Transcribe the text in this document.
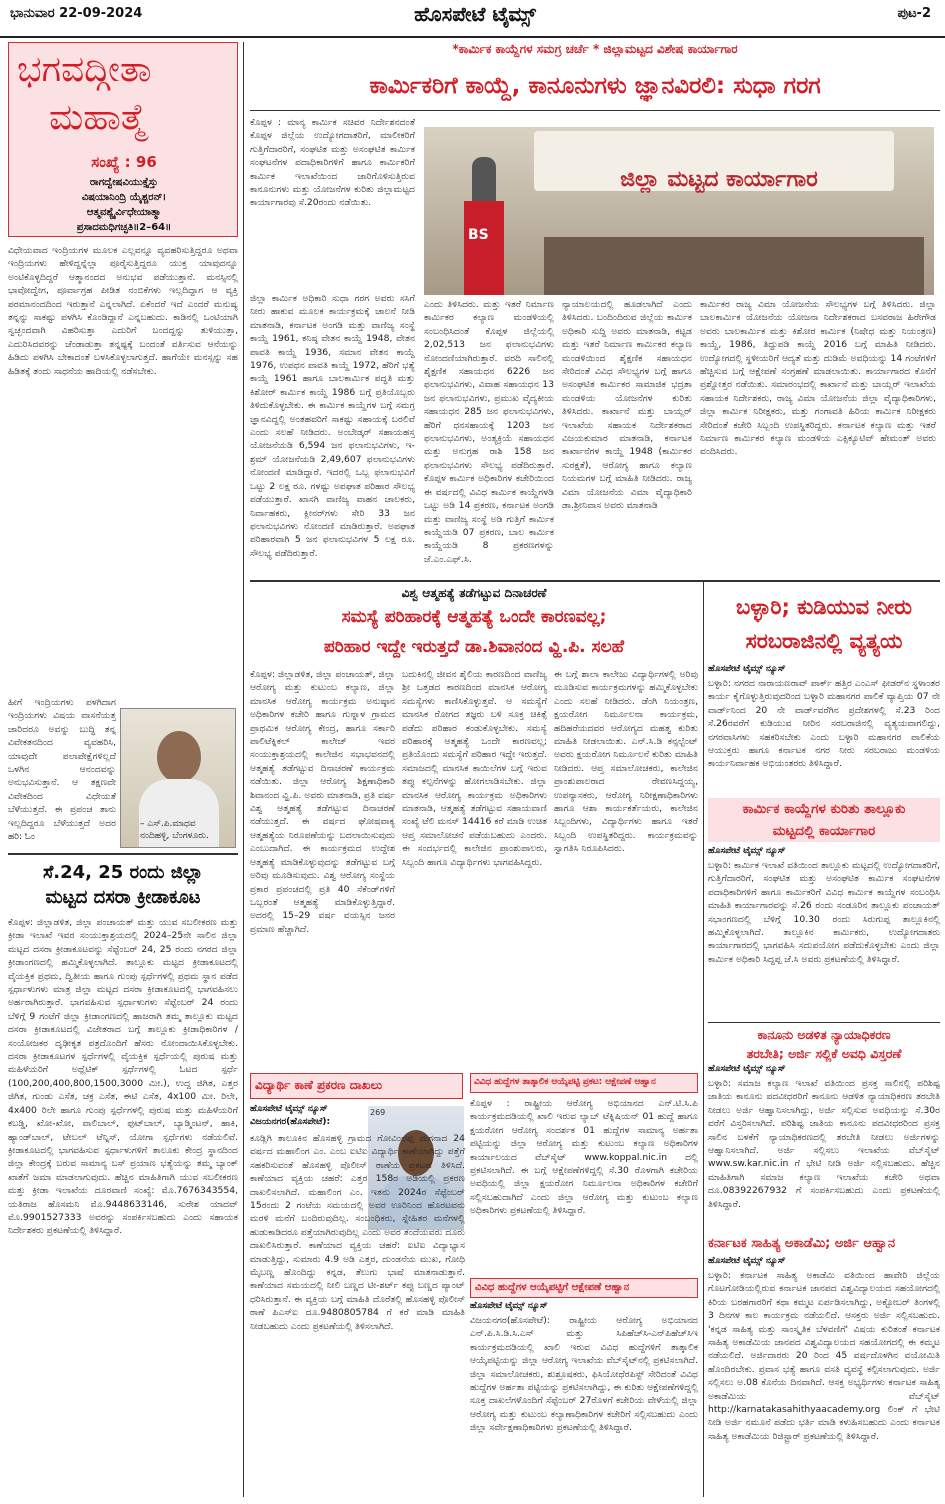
ಭಾನುವಾರ 22-09-2024	ಹೊಸಪೇಟೆ ಟೈಮ್ಸ್	ಪುಟ-2
ಭಗವದ್ಗೀತಾ
ಮಹಾತ್ಮೆ
ಸಂಖ್ಯೆ : 96
ರಾಗದ್ವೇಷವಿಯುಕ್ತೈಸ್ತು
ವಿಷಯಾನಿಂದ್ರಿ ಯೈಶ್ಚರನ್‌।
ಆತ್ಮವಶ್ಯೈರ್ವಿಧೇಯಾತ್ಮಾ
ಪ್ರಸಾದಮಧಿಗಚ್ಛತಿ॥2–64॥
ವಿಧೇಯವಾದ ಇಂದ್ರಿಯಗಳ ಮೂಲಕ ಎಲ್ಲವನ್ನೂ ವ್ಯವಹರಿಸುತ್ತಿದ್ದರೂ ಅಥವಾ ಇಂದ್ರಿಯಗಳು ಹೇಳಿದ್ದನ್ನೆಲ್ಲಾ ಪೂರೈಸುತ್ತಿದ್ದರೂ ಯುಕ್ತ ಯಾವುದನ್ನೂ ಅಂಟಿಕೊಳ್ಳದಿದ್ದರೆ ಆತ್ಮಾನಂದದ ಅನುಭವ ಪಡೆಯುತ್ತಾನೆ. ಮನಸ್ಸಿನಲ್ಲಿ ಭಾವೋದ್ವೇಗ, ಪೂರ್ವಾಗ್ರಹ ಪೀಡಿತ ನಂಬಿಕೆಗಳು ಇಲ್ಲದಿದ್ದಾಗ ಆ ವ್ಯಕ್ತಿ ಪರಮಾನಂದದಿಂದ ಇರುತ್ತಾನೆ ಎನ್ನಲಾಗಿದೆ. ಏಕೆಂದರೆ ಇದೆ ಎಂದರೆ ಮನುಷ್ಯ ತನ್ನನ್ನು ಸಾಕಷ್ಟು ಪಳಗಿಸಿ ಕೊಂಡಿದ್ದಾನೆ ಎನ್ನಬಹುದು. ಕಾಡಿನಲ್ಲಿ ಒಂಟಿಯಾಗಿ ಸ್ವಚ್ಛಂದವಾಗಿ ವಿಹರಿಸುತ್ತಾ ಎದುರಿಗೆ ಬಂದದ್ದನ್ನು ತುಳಿಯುತ್ತಾ, ಎದುರಿಸಿದವರನ್ನು ಚೆಂಡಾಡುತ್ತಾ ತನ್ನಷ್ಟಕ್ಕೆ ಬಂದಂತೆ ವರ್ತಿಸುವ ಆನೆಯನ್ನು ಹಿಡಿದು ಪಳಗಿಸಿ ಬೇಕಾದಂತೆ ಬಳಸಿಕೊಳ್ಳಲಾಗುತ್ತದೆ. ಹಾಗೆಯೇ ಮನಸ್ಸನ್ನು ಸಹ ಹಿಡಿತಕ್ಕೆ ತಂದು ಸಾಧನೆಯ ಹಾದಿಯಲ್ಲಿ ನಡೆಸಬೇಕು.
ಹೀಗೆ ಇಂದ್ರಿಯಗಳು ಪಳಗಿದಾಗ ಇಂದ್ರಿಯಗಳು ವಿಷಯ ವಾಸನೆಯತ್ತ ಜಾರಿದರೂ ಅವನ್ನು ಬುದ್ಧಿ ತನ್ನ ವಿವೇಕತನದಿಂದ ವ್ಯವಹರಿಸಿ, ಯಾವುದೇ ಪಲಾಪೇಕ್ಷೆಗಳಿಲ್ಲದೆ ಒಳಗಿನ ಆನಂದವನ್ನು ಅನುಭವಿಸುತ್ತಾನೆ. ಆ ತಕ್ಷಣವೇ ವಿವೇಕದಿಂದ ವಿಧೇಯತೆ ಬೆಳೆಯುತ್ತದೆ. ಈ ಪ್ರಪಂಚ ತಾನು ಇಲ್ಲದಿದ್ದರೂ ಬೆಳೆಯುತ್ತದೆ ಅದರ
ಹರಿ: ಓಂ
– ಎಸ್.ಪಿ.ಮಾಧವ
ನಂದಿಹಳ್ಳಿ, ಬೆಂಗಳೂರು.
ಸೆ.24, 25 ರಂದು ಜಿಲ್ಲಾ
ಮಟ್ಟದ ದಸರಾ ಕ್ರೀಡಾಕೂಟ
ಕೊಪ್ಪಳ: ಜಿಲ್ಲಾಡಳಿತ, ಜಿಲ್ಲಾ ಪಂಚಾಯತ್ ಮತ್ತು ಯುವ ಸಬಲೀಕರಣ ಮತ್ತು ಕ್ರೀಡಾ ಇಲಾಖೆ ಇವರ ಸಂಯುಕ್ತಾಶ್ರಯದಲ್ಲಿ 2024–25ನೇ ಸಾಲಿನ ಜಿಲ್ಲಾ ಮಟ್ಟದ ದಸರಾ ಕ್ರೀಡಾಕೂಟವನ್ನು ಸೆಪ್ಟೆಂಬರ್ 24, 25 ರಂದು ನಗರದ ಜಿಲ್ಲಾ ಕ್ರೀಡಾಂಗಣದಲ್ಲಿ ಹಮ್ಮಿಕೊಳ್ಳಲಾಗಿದೆ. ತಾಲ್ಲೂಕು ಮಟ್ಟದ ಕ್ರೀಡಾಕೂಟದಲ್ಲಿ ವೈಯಕ್ತಿಕ ಪ್ರಥಮ, ದ್ವಿತೀಯ ಹಾಗೂ ಗುಂಪು ಸ್ಪರ್ಧೆಗಳಲ್ಲಿ ಪ್ರಥಮ ಸ್ಥಾನ ಪಡೆದ ಸ್ಪರ್ಧಾಳುಗಳು ಮಾತ್ರ ಜಿಲ್ಲಾ ಮಟ್ಟದ ದಸರಾ ಕ್ರೀಡಾಕೂಟದಲ್ಲಿ ಭಾಗವಹಿಸಲು ಅರ್ಹರಾಗಿರುತ್ತಾರೆ. ಭಾಗವಹಿಸುವ ಸ್ಪರ್ಧಾಳುಗಳು ಸೆಪ್ಟೆಂಬರ್ 24 ರಂದು ಬೆಳಿಗ್ಗೆ 9 ಗಂಟೆಗೆ ಜಿಲ್ಲಾ ಕ್ರೀಡಾಂಗಣದಲ್ಲಿ ಹಾಜರಾಗಿ ತಮ್ಮ ತಾಲ್ಲೂಕು ಮಟ್ಟದ ದಸರಾ ಕ್ರೀಡಾಕೂಟದಲ್ಲಿ ವಿಜೇತರಾದ ಬಗ್ಗೆ ತಾಲ್ಲೂಕು ಕ್ರೀಡಾಧಿಕಾರಿಗಳ / ಸಂಯೋಜಕರ ದೃಢೀಕೃತ ಪತ್ರದೊಂದಿಗೆ ಹೆಸರು ನೋಂದಾಯಿಸಿಕೊಳ್ಳಬೇಕು. ದಸರಾ ಕ್ರೀಡಾಕೂಟಗಳ ಸ್ಪರ್ಧೆಗಳಲ್ಲಿ ವೈಯಕ್ತಿಕ ಸ್ಪರ್ಧೆಯಲ್ಲಿ ಪುರುಷ ಮತ್ತು ಮಹಿಳೆಯರಿಗೆ ಅಥ್ಲೆಟಿಕ್ ಸ್ಪರ್ಧೆಗಳಲ್ಲಿ ಓಟದ ಸ್ಪರ್ಧೆ (100,200,400,800,1500,3000 ಮೀ.), ಉದ್ದ ಜಿಗಿತ, ಎತ್ತರ ಜಿಗಿತ, ಗುಂಡು ಎಸೆತ, ಚಕ್ರ ಎಸೆತ, ಈಟಿ ಎಸೆತ, 4x100 ಮೀ. ರಿಲೇ, 4x400 ರಿಲೇ ಹಾಗೂ ಗುಂಪು ಸ್ಪರ್ಧೆಗಳಲ್ಲಿ ಪುರುಷ ಮತ್ತು ಮಹಿಳೆಯರಿಗೆ ಕಬಡ್ಡಿ, ಖೋ-ಖೋ, ವಾಲಿಬಾಲ್, ಫುಟ್‌ಬಾಲ್, ಬ್ಯಾಡ್ಮಿಂಟನ್, ಹಾಕಿ, ಹ್ಯಾಂಡ್‌ಬಾಲ್, ಟೇಬಲ್ ಟೆನ್ನಿಸ್, ಯೋಗಾ ಸ್ಪರ್ಧೆಗಳು ನಡೆಯಲಿವೆ. ಕ್ರೀಡಾಕೂಟದಲ್ಲಿ ಭಾಗವಹಿಸುವ ಸ್ಪರ್ಧಾಳುಗಳಿಗೆ ತಾಲೂಕು ಕೇಂದ್ರ ಸ್ಥಾನದಿಂದ ಜಿಲ್ಲಾ ಕೇಂದ್ರಕ್ಕೆ ಬರುವ ಸಾಮಾನ್ಯ ಬಸ್ ಪ್ರಯಾಣ ಭತ್ಯೆಯನ್ನು ತಮ್ಮ ಬ್ಯಾಂಕ್ ಖಾತೆಗೆ ಜಮಾ ಮಾಡಲಾಗುವುದು. ಹೆಚ್ಚಿನ ಮಾಹಿತಿಗಾಗಿ ಯುವ ಸಬಲೀಕರಣ ಮತ್ತು ಕ್ರೀಡಾ ಇಲಾಖೆಯ ದೂರವಾಣಿ ಸಂಖ್ಯೆ: ಮೊ.7676343554, ಯತಿರಾಜ ಹೊಸಮನಿ ಮೊ.9448633146, ಸುರೇಶ ಯಾದವ್ ಮೊ.9901527333 ಅವರನ್ನು ಸಂಪರ್ಕಿಸಬಹುದು ಎಂದು ಸಹಾಯಕ ನಿರ್ದೇಶಕರು ಪ್ರಕಟಣೆಯಲ್ಲಿ ತಿಳಿಸಿದ್ದಾರೆ.
*ಕಾರ್ಮಿಕ ಕಾಯ್ದೆಗಳ ಸಮಗ್ರ ಚರ್ಚೆ * ಜಿಲ್ಲಾಮಟ್ಟದ ವಿಶೇಷ ಕಾರ್ಯಾಗಾರ
ಕಾರ್ಮಿಕರಿಗೆ ಕಾಯ್ದೆ, ಕಾನೂನುಗಳು ಜ್ಞಾನವಿರಲಿ: ಸುಧಾ ಗರಗ
ಕೊಪ್ಪಳ : ಮಾನ್ಯ ಕಾರ್ಮಿಕ ಸಚಿವರ ನಿರ್ದೇಶನದಂತೆ ಕೊಪ್ಪಳ ಜಿಲ್ಲೆಯ ಉದ್ಯೋಗದಾತರಿಗೆ, ಮಾಲೀಕರಿಗೆ ಗುತ್ತಿಗೆದಾರರಿಗೆ, ಸಂಘಟಿತ ಮತ್ತು ಅಸಂಘಟಿತ ಕಾರ್ಮಿಕ ಸಂಘಟನೆಗಳ ಪದಾಧಿಕಾರಿಗಳಿಗೆ ಹಾಗೂ ಕಾರ್ಮಿಕರಿಗೆ ಕಾರ್ಮಿಕ ಇಲಾಖೆಯಿಂದ ಜಾರಿಗೊಳಿಸುತ್ತಿರುವ ಕಾನೂನುಗಳು ಮತ್ತು ಯೋಜನೆಗಳ ಕುರಿತು ಜಿಲ್ಲಾಮಟ್ಟದ ಕಾರ್ಯಾಗಾರವು ಸೆ.20ರಂದು ನಡೆಯಿತು.
ಜಿಲ್ಲಾ ಮಟ್ಟದ ಕಾರ್ಯಾಗಾರ
BS
ಜಿಲ್ಲಾ ಕಾರ್ಮಿಕ ಅಧಿಕಾರಿ ಸುಧಾ ಗರಗ ಅವರು ಸಸಿಗೆ ನೀರು ಹಾಕುವ ಮೂಲಕ ಕಾರ್ಯಕ್ರಮಕ್ಕೆ ಚಾಲನೆ ನೀಡಿ ಮಾತನಾಡಿ, ಕರ್ನಾಟಕ ಅಂಗಡಿ ಮತ್ತು ವಾಣಿಜ್ಯ ಸಂಸ್ಥೆ ಕಾಯ್ದೆ 1961, ಕನಿಷ್ಠ ವೇತನ ಕಾಯ್ದೆ 1948, ವೇತನ ಪಾವತಿ ಕಾಯ್ದೆ 1936, ಸಮಾನ ವೇತನ ಕಾಯ್ದೆ 1976, ಉಪಧನ ಪಾವತಿ ಕಾಯ್ದೆ 1972, ಹೆರಿಗೆ ಭತ್ಯೆ ಕಾಯ್ದೆ 1961 ಹಾಗೂ ಬಾಲಕಾರ್ಮಿಕ ಪದ್ಧತಿ ಮತ್ತು ಕಿಶೋರ್ ಕಾರ್ಮಿಕ ಕಾಯ್ದೆ 1986 ಬಗ್ಗೆ ಪ್ರತಿಯೊಬ್ಬರು ತಿಳಿದುಕೊಳ್ಳಬೇಕು. ಈ ಕಾರ್ಮಿಕ ಕಾಯ್ದೆಗಳ ಬಗ್ಗೆ ಸಮಗ್ರ ಜ್ಞಾನವಿದ್ದಲ್ಲಿ ಅಂತಹವರಿಗೆ ಸಾಕಷ್ಟು ಸಹಾಯಕ್ಕೆ ಬರಲಿವೆ ಎಂದು ಸಲಹೆ ನೀಡಿದರು. ಅಂಬೇಡ್ಕರ್ ಸಹಾಯಹಸ್ತ ಯೋಜನೆಯಡಿ 6,594 ಜನ ಫಲಾನುಭವಿಗಳು, ಇ-ಶ್ರಮ್ ಯೋಜನೆಯಡಿ 2,49,607 ಫಲಾನುಭವಿಗಳು ನೋಂದಣಿ ಮಾಡಿದ್ದಾರೆ. ಇದರಲ್ಲಿ ಒಬ್ಬ ಫಲಾನುಭವಿಗೆ ಒಟ್ಟು 2 ಲಕ್ಷ ರೂ. ಗಳಷ್ಟು ಅಪಘಾತ ಪರಿಹಾರ ಸೌಲಭ್ಯ ಪಡೆಯುತ್ತಾರೆ. ಖಾಸಗಿ ವಾಣಿಜ್ಯ ವಾಹನ ಚಾಲಕರು, ನಿರ್ವಾಹಕರು, ಕ್ಲೀನರ್‌ಗಳು ಸೇರಿ 33 ಜನ ಫಲಾನುಭವಿಗಳು ನೋಂದಣಿ ಮಾಡಿರುತ್ತಾರೆ. ಅಪಘಾತ ಪರಿಹಾರವಾಗಿ 5 ಜನ ಫಲಾನುಭವಿಗಳ 5 ಲಕ್ಷ ರೂ. ಸೌಲಭ್ಯ ಪಡೆದಿರುತ್ತಾರೆ.
ಎಂದು ತಿಳಿಸಿದರು. ಮತ್ತು ಇತರೆ ನಿರ್ಮಾಣ ಕಾರ್ಮಿಕರ ಕಲ್ಯಾಣ ಮಂಡಳಿಯಲ್ಲಿ ಸಂಬಂಧಿಸಿದಂತೆ ಕೊಪ್ಪಳ ಜಿಲ್ಲೆಯಲ್ಲಿ 2,02,513 ಜನ ಫಲಾನುಭವಿಗಳು ನೋಂದಣಿಯಾಗಿರುತ್ತಾರೆ. ವರದಿ ಸಾಲಿನಲ್ಲಿ ಶೈಕ್ಷಣಿಕ ಸಹಾಯಧನ 6226 ಜನ ಫಲಾನುಭವಿಗಳು, ವಿವಾಹ ಸಹಾಯಧನ 13 ಜನ ಫಲಾನುಭವಿಗಳು, ಪ್ರಮುಖ ವೈದ್ಯಕೀಯ ಸಹಾಯಧನ 285 ಜನ ಫಲಾನುಭವಿಗಳು, ಹೆರಿಗೆ ಧನಸಹಾಯಕ್ಕೆ 1203 ಜನ ಫಲಾನುಭವಿಗಳು, ಅಂತ್ಯಕ್ರಿಯೆ ಸಹಾಯಧನ ಮತ್ತು ಅನುಗ್ರಹ ರಾಶಿ 158 ಜನ ಫಲಾನುಭವಿಗಳು ಸೌಲಭ್ಯ ಪಡೆದಿರುತ್ತಾರೆ. ಕೊಪ್ಪಳ ಕಾರ್ಮಿಕ ಅಧಿಕಾರಿಗಳ ಕಚೇರಿಯಿಂದ ಈ ವರ್ಷದಲ್ಲಿ ವಿವಿಧ ಕಾರ್ಮಿಕ ಕಾಯ್ದೆಗಳಡಿ ಒಟ್ಟು ಅಡಿ 14 ಪ್ರಕರಣ, ಕರ್ನಾಟಕ ಅಂಗಡಿ ಮತ್ತು ವಾಣಿಜ್ಯ ಸಂಸ್ಥೆ ಅಡಿ ಗುತ್ತಿಗೆ ಕಾರ್ಮಿಕ ಕಾಯ್ದೆಯಡಿ 07 ಪ್ರಕರಣ, ಬಾಲ ಕಾರ್ಮಿಕ ಕಾಯ್ದೆಯಡಿ 8 ಪ್ರಕರಣಗಳನ್ನು ಜೆ.ಎಂ.ಎಫ್.ಸಿ.
ನ್ಯಾಯಾಲಯದಲ್ಲಿ ಹೂಡಲಾಗಿದೆ ಎಂದು ತಿಳಿಸಿದರು. ಬಂದಿಂದಿರುವ ಜಿಲ್ಲೆಯ ಕಾರ್ಮಿಕ ಅಧಿಕಾರಿ ಸುದ್ದಿ ಅವರು ಮಾತನಾಡಿ, ಕಟ್ಟಡ ಮತ್ತು ಇತರೆ ನಿರ್ಮಾಣ ಕಾರ್ಮಿಕರ ಕಲ್ಯಾಣ ಮಂಡಳಿಯಿಂದ ಶೈಕ್ಷಣಿಕ ಸಹಾಯಧನ ಸೇರಿದಂತೆ ವಿವಿಧ ಸೌಲಭ್ಯಗಳ ಬಗ್ಗೆ ಹಾಗೂ ಅಸಂಘಟಿತ ಕಾರ್ಮಿಕರ ಸಾಮಾಜಿಕ ಭದ್ರತಾ ಮಂಡಳಿಯ ಯೋಜನೆಗಳ ಕುರಿತು ತಿಳಿಸಿದರು. ಕಾರ್ಖಾನೆ ಮತ್ತು ಬಾಯ್ಲರ್ ಇಲಾಖೆಯ ಸಹಾಯಕ ನಿರ್ದೇಶಕರಾದ ವಿಜಯಕುಮಾರ ಮಾತನಾಡಿ, ಕರ್ನಾಟಕ ಕಾರ್ಖಾನೆಗಳ ಕಾಯ್ದೆ 1948 (ಕಾರ್ಮಿಕರ ಸುರಕ್ಷತೆ), ಆರೋಗ್ಯ ಹಾಗೂ ಕಲ್ಯಾಣ ನಿಯಮಗಳ ಬಗ್ಗೆ ಮಾಹಿತಿ ನೀಡಿದರು. ರಾಜ್ಯ ವಿಮಾ ಯೋಜನೆಯ ವಿಮಾ ವೈದ್ಯಾಧಿಕಾರಿ ಡಾ.ಶ್ರೀನಿವಾಸ ಅವರು ಮಾತನಾಡಿ
ಕಾರ್ಮಿಕರ ರಾಜ್ಯ ವಿಮಾ ಯೋಜನೆಯ ಸೌಲಭ್ಯಗಳ ಬಗ್ಗೆ ತಿಳಿಸಿದರು. ಜಿಲ್ಲಾ ಬಾಲಕಾರ್ಮಿಕ ಯೋಜನೆಯ ಯೋಜನಾ ನಿರ್ದೇಶಕರಾದ ಬಸವರಾಜ ಹಿರೇಗೌಡ ಅವರು ಬಾಲಕಾರ್ಮಿಕ ಮತ್ತು ಕಿಶೋರ ಕಾರ್ಮಿಕ (ನಿಷೇಧ ಮತ್ತು ನಿಯಂತ್ರಣ) ಕಾಯ್ದೆ, 1986, ತಿದ್ದುಪಡಿ ಕಾಯ್ದೆ 2016 ಬಗ್ಗೆ ಮಾಹಿತಿ ನೀಡಿದರು. ಉದ್ಯೋಗದಲ್ಲಿ ಸ್ಥಳೀಯರಿಗೆ ಆದ್ಯತೆ ಮತ್ತು ದುಡಿಮೆ ಅವಧಿಯನ್ನು 14 ಗಂಟೆಗಳಿಗೆ ಹೆಚ್ಚಿಸುವ ಬಗ್ಗೆ ಆಕ್ಷೇಪಣೆ ಸಂಗ್ರಹಣೆ ಮಾಡಲಾಯಿತು. ಕಾರ್ಯಾಗಾರದ ಕೊನೆಗೆ ಪ್ರಶ್ನೋತ್ತರ ನಡೆಯಿತು. ಸಮಾರಂಭದಲ್ಲಿ ಕಾರ್ಖಾನೆ ಮತ್ತು ಬಾಯ್ಲರ್ ಇಲಾಖೆಯ ಸಹಾಯಕ ನಿರ್ದೇಶಕರು, ರಾಜ್ಯ ವಿಮಾ ಯೋಜನೆಯ ಜಿಲ್ಲಾ ವೈದ್ಯಾಧಿಕಾರಿಗಳು, ಜಿಲ್ಲಾ ಕಾರ್ಮಿಕ ನಿರೀಕ್ಷಕರು, ಮತ್ತು ಗಂಗಾವತಿ ಹಿರಿಯ ಕಾರ್ಮಿಕ ನಿರೀಕ್ಷಕರು ಸೇರಿದಂತೆ ಕಚೇರಿ ಸಿಬ್ಬಂದಿ ಉಪಸ್ಥಿತರಿದ್ದರು. ಕರ್ನಾಟಕ ಕಲ್ಯಾಣ ಮತ್ತು ಇತರೆ ನಿರ್ಮಾಣ ಕಾರ್ಮಿಕರ ಕಲ್ಯಾಣ ಮಂಡಳಿಯ ಎಕ್ಸಿಕ್ಯೂಟಿವ್ ಹೇಮಂತ್ ಅವರು ವಂದಿಸಿದರು.
ವಿಶ್ವ ಆತ್ಮಹತ್ಯೆ ತಡೆಗಟ್ಟುವ ದಿನಾಚರಣೆ
ಸಮಸ್ಯೆ ಪರಿಹಾರಕ್ಕೆ ಆತ್ಮಹತ್ಯೆ ಒಂದೇ ಕಾರಣವಲ್ಲ;
ಪರಿಹಾರ ಇದ್ದೇ ಇರುತ್ತದೆ ಡಾ.ಶಿವಾನಂದ ವ್ಹಿ.ಪಿ. ಸಲಹೆ
ಕೊಪ್ಪಳ: ಜಿಲ್ಲಾಡಳಿತ, ಜಿಲ್ಲಾ ಪಂಚಾಯತ್, ಜಿಲ್ಲಾ ಆರೋಗ್ಯ ಮತ್ತು ಕುಟುಂಬ ಕಲ್ಯಾಣ, ಜಿಲ್ಲಾ ಮಾನಸಿಕ ಆರೋಗ್ಯ ಕಾರ್ಯಕ್ರಮ ಅನುಷ್ಠಾನ ಅಧಿಕಾರಿಗಳ ಕಚೇರಿ ಹಾಗೂ ಗುನ್ನಾಳ ಗ್ರಾಮದ ಪ್ರಾಥಮಿಕ ಆರೋಗ್ಯ ಕೇಂದ್ರ, ಹಾಗೂ ಸರ್ಕಾರಿ ಪಾಲಿಟೆಕ್ನಿಕಲ್ ಕಾಲೇಜ್ ಇವರ ಸಂಯುಕ್ತಾಶ್ರಯದಲ್ಲಿ ಕಾಲೇಜಿನ ಸಭಾಭವನದಲ್ಲಿ ಆತ್ಮಹತ್ಯೆ ತಡೆಗಟ್ಟುವ ದಿನಾಚರಣೆ ಕಾರ್ಯಕ್ರಮ ನಡೆಯಿತು. ಜಿಲ್ಲಾ ಆರೋಗ್ಯ ಶಿಕ್ಷಣಾಧಿಕಾರಿ ಶಿವಾನಂದ ವ್ಹಿ.ಪಿ. ಅವರು ಮಾತನಾಡಿ, ಪ್ರತಿ ವರ್ಷ ವಿಶ್ವ ಆತ್ಮಹತ್ಯೆ ತಡೆಗಟ್ಟುವ ದಿನಾಚರಣೆ ನಡೆಯುತ್ತದೆ. ಈ ವರ್ಷದ ಘೋಷವಾಕ್ಯ ಆತ್ಮಹತ್ಯೆಯ ನಿರೂಪಣೆಯನ್ನು ಬದಲಾಯಿಸುವುದು ಎಂಬುದಾಗಿದೆ. ಈ ಕಾರ್ಯಕ್ರಮದ ಉದ್ದೇಶ ಆತ್ಮಹತ್ಯೆ ಮಾಡಿಕೊಳ್ಳುವುದನ್ನು ತಡೆಗಟ್ಟುವ ಬಗ್ಗೆ ಅರಿವು ಮೂಡಿಸುವುದು. ವಿಶ್ವ ಆರೋಗ್ಯ ಸಂಸ್ಥೆಯ ಪ್ರಕಾರ ಪ್ರಪಂಚದಲ್ಲಿ ಪ್ರತಿ 40 ಸೆಕೆಂಡ್‌ಗಳಿಗೆ ಒಬ್ಬರಂತೆ ಆತ್ಮಹತ್ಯೆ ಮಾಡಿಕೊಳ್ಳುತ್ತಿದ್ದಾರೆ. ಅದರಲ್ಲಿ 15–29 ವರ್ಷ ವಯಸ್ಸಿನ ಜನರ ಪ್ರಮಾಣ ಹೆಚ್ಚಾಗಿದೆ.
ಬದುಕಿನಲ್ಲಿ ಜೀವನ ಶೈಲಿಯ ಕಾರಣದಿಂದ ವಾಣಿಜ್ಯ ಶ್ರೀ ಒತ್ತಡದ ಕಾರಣದಿಂದ ಮಾನಸಿಕ ಆರೋಗ್ಯ ಸಮಸ್ಯೆಗಳು ಕಾಣಿಸಿಕೊಳ್ಳುತ್ತವೆ. ಆ ಸಮಸ್ಯೆಗೆ ಮಾನಸಿಕ ರೋಗದ ತಜ್ಞರು ಬಳಿ ಸೂಕ್ತ ಚಿಕಿತ್ಸೆ ಪಡೆದು ಪರಿಹಾರ ಕಂಡುಕೊಳ್ಳಬೇಕು. ಸಮಸ್ಯೆ ಪರಿಹಾರಕ್ಕೆ ಆತ್ಮಹತ್ಯೆ ಒಂದೇ ಕಾರಣವಲ್ಲ; ಪ್ರತಿಯೊಂದು ಸಮಸ್ಯೆಗೆ ಪರಿಹಾರ ಇದ್ದೇ ಇರುತ್ತದೆ. ಸಮಾಜದಲ್ಲಿ ಮಾನಸಿಕ ಕಾಯಿಲೆಗಳ ಬಗ್ಗೆ ಇರುವ ತಪ್ಪು ಕಲ್ಪನೆಗಳನ್ನು ಹೋಗಲಾಡಿಸಬೇಕು. ಜಿಲ್ಲಾ ಮಾನಸಿಕ ಆರೋಗ್ಯ ಕಾರ್ಯಕ್ರಮ ಅಧಿಕಾರಿಗಳು ಮಾತನಾಡಿ, ಆತ್ಮಹತ್ಯೆ ತಡೆಗಟ್ಟುವ ಸಹಾಯವಾಣಿ ಸಂಖ್ಯೆ ಟೆಲಿ ಮನಸ್ 14416 ಕರೆ ಮಾಡಿ ಉಚಿತ ಆಪ್ತ ಸಮಾಲೋಚನೆ ಪಡೆಯಬಹುದು ಎಂದರು. ಈ ಸಂದರ್ಭದಲ್ಲಿ ಕಾಲೇಜಿನ ಪ್ರಾಂಶುಪಾಲರು, ಸಿಬ್ಬಂದಿ ಹಾಗೂ ವಿದ್ಯಾರ್ಥಿಗಳು ಭಾಗವಹಿಸಿದ್ದರು.
ಈ ಬಗ್ಗೆ ಶಾಲಾ ಕಾಲೇಜು ವಿದ್ಯಾರ್ಥಿಗಳಲ್ಲಿ ಅರಿವು ಮೂಡಿಸುವ ಕಾರ್ಯಕ್ರಮಗಳನ್ನು ಹಮ್ಮಿಕೊಳ್ಳಬೇಕು ಎಂದು ಸಲಹೆ ನೀಡಿದರು. ಡೆಂಗಿ ನಿಯಂತ್ರಣ, ಕ್ಷಯರೋಗ ನಿರ್ಮೂಲನಾ ಕಾರ್ಯಕ್ರಮ, ಹದಿಹರೆಯದವರ ಆರೋಗ್ಯದ ಮಹತ್ವ ಕುರಿತು ಮಾಹಿತಿ ನೀಡಲಾಯಿತು. ಎನ್.ಸಿ.ಡಿ ಕನ್ಸಲ್ಟೆಂಟ್ ಅವರು ಕ್ಷಯರೋಗ ನಿರ್ಮೂಲನೆ ಕುರಿತು ಮಾಹಿತಿ ನೀಡಿದರು. ಆಪ್ತ ಸಮಾಲೋಚಕರು, ಕಾಲೇಜಿನ ಪ್ರಾಂಶುಪಾಲರಾದ ರೇವಣಸಿದ್ದಯ್ಯ, ಉಪನ್ಯಾಸಕರು, ಆರೋಗ್ಯ ನಿರೀಕ್ಷಣಾಧಿಕಾರಿಗಳು ಹಾಗೂ ಆಶಾ ಕಾರ್ಯಕರ್ತೆಯರು, ಕಾಲೇಜಿನ ಸಿಬ್ಬಂದಿಗಳು, ವಿದ್ಯಾರ್ಥಿಗಳು ಹಾಗೂ ಇತರೆ ಸಿಬ್ಬಂದಿ ಉಪಸ್ಥಿತರಿದ್ದರು. ಕಾರ್ಯಕ್ರಮವನ್ನು ಸ್ವಾಗತಿಸಿ ನಿರೂಪಿಸಿದರು.
ವಿದ್ಯಾರ್ಥಿ ಕಾಣೆ ಪ್ರಕರಣ ದಾಖಲು
ಹೊಸಪೇಟೆ ಟೈಮ್ಸ್ ನ್ಯೂಸ್
ವಿಜಯನಗರ(ಹೊಸಪೇಟೆ):
269
ಕೂಡ್ಲಿಗಿ ತಾಲೂಕಿನ ಹೊಸಹಳ್ಳಿ ಗ್ರಾಮದ ಗೋವಿಂದಪ್ಪ ಮಗನಾದ 24 ವರ್ಷದ ಮಹಾಲಿಂಗ ಎಂ. ಎಂಬ ಐಟಿಐ ವಿದ್ಯಾರ್ಥಿ ಕಾಣೆಯಾಗಿದ್ದು ಪತ್ತೆಗೆ ಸಹಕರಿಸುವಂತೆ ಹೊಸಹಳ್ಳಿ ಪೊಲೀಸ್ ಠಾಣೆಯ ಪ್ರಕಟಣೆ ತಿಳಿಸಿದೆ. ಕಾಣೆಯಾದ ವ್ಯಕ್ತಿಯ ಚಹರೆ: ಎತ್ತರ 158ರ ಅಡಿಯಲ್ಲಿ ಪ್ರಕರಣ ದಾಖಲಿಸಲಾಗಿದೆ. ಮಹಾಲಿಂಗ ಎಂ. ಇತನು 2024ರ ಸೆಪ್ಟೆಂಬರ್ 15ರಂದು 2 ಗಂಟೆಯ ಸಮಯದಲ್ಲಿ ಅವರ ಊರಿನಿಂದ ಹೊರಟವನು ಮರಳಿ ಮನೆಗೆ ಬಂದಿರುವುದಿಲ್ಲ. ಸಂಬಂಧಿಕರು, ಸ್ನೇಹಿತರ ಮನೆಗಳಲ್ಲಿ ಹುಡುಕಾಡಿದರೂ ಪತ್ತೆಯಾಗಿರುವುದಿಲ್ಲ ಎಂದು ಅವರ ತಂದೆಯವರು ದೂರು ದಾಖಲಿಸಿರುತ್ತಾರೆ. ಕಾಣೆಯಾದ ವ್ಯಕ್ತಿಯ ಚಹರೆ: ಐಟಿಐ ವಿದ್ಯಾಭ್ಯಾಸ ಮಾಡುತ್ತಿದ್ದು, ಸುಮಾರು 4.9 ಅಡಿ ಎತ್ತರ, ದುಂಡನೆಯ ಮುಖ, ಗೋಧಿ ಮೈಬಣ್ಣ ಹೊಂದಿದ್ದು ಕನ್ನಡ, ತೆಲುಗು ಭಾಷೆ ಮಾತನಾಡುತ್ತಾನೆ. ಕಾಣೆಯಾದ ಸಮಯದಲ್ಲಿ ನೀಲಿ ಬಣ್ಣದ ಟೀ-ಶರ್ಟ್ ಕಪ್ಪು ಬಣ್ಣದ ಪ್ಯಾಂಟ್ ಧರಿಸಿರುತ್ತಾನೆ. ಈ ವ್ಯಕ್ತಿಯ ಬಗ್ಗೆ ಮಾಹಿತಿ ದೊರೆತಲ್ಲಿ ಹೊಸಹಳ್ಳಿ ಪೊಲೀಸ್ ಠಾಣೆ ಪಿಎಸ್‌ಐ ದೂ.9480805784 ಗೆ ಕರೆ ಮಾಡಿ ಮಾಹಿತಿ ನೀಡಬಹುದು ಎಂದು ಪ್ರಕಟಣೆಯಲ್ಲಿ ತಿಳಿಸಲಾಗಿದೆ.
ವಿವಿಧ ಹುದ್ದೆಗಳ ತಾತ್ಕಾಲಿಕ ಆಯ್ಕೆಪಟ್ಟಿ ಪ್ರಕಟ: ಆಕ್ಷೇಪಣೆ ಆಹ್ವಾನ
ಕೊಪ್ಪಳ : ರಾಷ್ಟ್ರೀಯ ಆರೋಗ್ಯ ಅಭಿಯಾನದ ಎನ್.ಟಿ.ಸಿ.ಪಿ ಕಾರ್ಯಕ್ರಮದಡಿಯಲ್ಲಿ ಖಾಲಿ ಇರುವ ಲ್ಯಾಬ್ ಟೆಕ್ನಿಷಿಯನ್ 01 ಹುದ್ದೆ ಹಾಗೂ ಕ್ಷಯರೋಗ ಆರೋಗ್ಯ ಸಂದರ್ಶಕ 01 ಹುದ್ದೆಗಳ ಸಾಮಾನ್ಯ ಅರ್ಹತಾ ಪಟ್ಟಿಯನ್ನು ಜಿಲ್ಲಾ ಆರೋಗ್ಯ ಮತ್ತು ಕುಟುಂಬ ಕಲ್ಯಾಣ ಅಧಿಕಾರಿಗಳ ಕಾರ್ಯಾಲಯದ ವೆಬ್‌ಸೈಟ್ www.koppal.nic.in ದಲ್ಲಿ ಪ್ರಕಟಿಸಲಾಗಿದೆ. ಈ ಬಗ್ಗೆ ಆಕ್ಷೇಪಣೆಗಳಿದ್ದಲ್ಲಿ ಸೆ.30 ರೊಳಗಾಗಿ ಕಚೇರಿಯ ಅವಧಿಯಲ್ಲಿ ಜಿಲ್ಲಾ ಕ್ಷಯರೋಗ ನಿರ್ಮೂಲನಾ ಅಧಿಕಾರಿಗಳ ಕಚೇರಿಗೆ ಸಲ್ಲಿಸಬಹುದಾಗಿದೆ ಎಂದು ಜಿಲ್ಲಾ ಆರೋಗ್ಯ ಮತ್ತು ಕುಟುಂಬ ಕಲ್ಯಾಣ ಅಧಿಕಾರಿಗಳು ಪ್ರಕಟಣೆಯಲ್ಲಿ ತಿಳಿಸಿದ್ದಾರೆ.
ವಿವಿಧ ಹುದ್ದೆಗಳ ಆಯ್ಕೆಪಟ್ಟಿಗೆ ಆಕ್ಷೇಪಣೆ ಆಹ್ವಾನ
ಹೊಸಪೇಟೆ ಟೈಮ್ಸ್ ನ್ಯೂಸ್
ವಿಜಯನಗರ(ಹೊಸಪೇಟೆ): ರಾಷ್ಟ್ರೀಯ ಆರೋಗ್ಯ ಅಭಿಯಾನದ ಎನ್.ಪಿ.ಸಿ.ಡಿ.ಸಿ.ಎಸ್ ಮತ್ತು ಸಿಪಿಹೆಚ್‌ಸಿ-ಎನ್‌ಪಿಹೆಚ್‌ಸಿಇ ಕಾರ್ಯಕ್ರಮದಡಿಯಲ್ಲಿ ಖಾಲಿ ಇರುವ ವಿವಿಧ ಹುದ್ದೆಗಳಿಗೆ ತಾತ್ಕಾಲಿಕ ಆಯ್ಕೆಪಟ್ಟಿಯನ್ನು ಜಿಲ್ಲಾ ಆರೋಗ್ಯ ಇಲಾಖೆಯ ವೆಬ್‌ಸೈಟ್‌ನಲ್ಲಿ ಪ್ರಕಟಿಸಲಾಗಿದೆ. ಜಿಲ್ಲಾ ಸಮಾಲೋಚಕರು, ಶುಶ್ರೂಷಕರು, ಫಿಸಿಯೋಥೆರಪಿಸ್ಟ್ ಸೇರಿದಂತೆ ವಿವಿಧ ಹುದ್ದೆಗಳ ಅರ್ಹತಾ ಪಟ್ಟಿಯನ್ನು ಪ್ರಕಟಿಸಲಾಗಿದ್ದು, ಈ ಕುರಿತು ಆಕ್ಷೇಪಣೆಗಳಿದ್ದಲ್ಲಿ ಸೂಕ್ತ ದಾಖಲೆಗಳೊಂದಿಗೆ ಸೆಪ್ಟೆಂಬರ್ 27ರೊಳಗೆ ಕಚೇರಿಯ ವೇಳೆಯಲ್ಲಿ ಜಿಲ್ಲಾ ಆರೋಗ್ಯ ಮತ್ತು ಕುಟುಂಬ ಕಲ್ಯಾಣಾಧಿಕಾರಿಗಳ ಕಚೇರಿಗೆ ಸಲ್ಲಿಸಬಹುದು ಎಂದು ಜಿಲ್ಲಾ ಸರ್ವೇಕ್ಷಣಾಧಿಕಾರಿಗಳು ಪ್ರಕಟಣೆಯಲ್ಲಿ ತಿಳಿಸಿದ್ದಾರೆ.
ಬಳ್ಳಾರಿ; ಕುಡಿಯುವ ನೀರು
ಸರಬರಾಜಿನಲ್ಲಿ ವ್ಯತ್ಯಯ
ಹೊಸಪೇಟೆ ಟೈಮ್ಸ್ ನ್ಯೂಸ್
ಬಳ್ಳಾರಿ: ನಗರದ ನಾರಾಯಣರಾವ್ ಪಾರ್ಕ್ ಹತ್ತಿರ ಎಂಎಸ್ ಫೀಡರ್‌ನ ಸ್ಥಳಾಂತರ ಕಾರ್ಯ ಕೈಗೊಳ್ಳುತ್ತಿರುವುದರಿಂದ ಬಳ್ಳಾರಿ ಮಹಾನಗರ ಪಾಲಿಕೆ ವ್ಯಾಪ್ತಿಯ 07 ನೇ ವಾರ್ಡ್‌ನಿಂದ 20 ನೇ ವಾರ್ಡ್‌ವರೆಗಿನ ಪ್ರದೇಶಗಳಲ್ಲಿ ಸೆ.23 ರಿಂದ ಸೆ.26ರವರೆಗೆ ಕುಡಿಯುವ ನೀರಿನ ಸರಬರಾಜಿನಲ್ಲಿ ವ್ಯತ್ಯಯವಾಗಲಿದ್ದು, ನಗರವಾಸಿಗಳು ಸಹಕರಿಸಬೇಕು ಎಂದು ಬಳ್ಳಾರಿ ಮಹಾನಗರ ಪಾಲಿಕೆಯ ಆಯುಕ್ತರು ಹಾಗೂ ಕರ್ನಾಟಕ ನಗರ ನೀರು ಸರಬರಾಜು ಮಂಡಳಿಯ ಕಾರ್ಯನಿರ್ವಾಹಕ ಅಭಿಯಂತರರು ತಿಳಿಸಿದ್ದಾರೆ.
ಕಾರ್ಮಿಕ ಕಾಯ್ದೆಗಳ ಕುರಿತು ತಾಲ್ಲೂಕು
ಮಟ್ಟದಲ್ಲಿ ಕಾರ್ಯಾಗಾರ
ಹೊಸಪೇಟೆ ಟೈಮ್ಸ್ ನ್ಯೂಸ್
ಬಳ್ಳಾರಿ: ಕಾರ್ಮಿಕ ಇಲಾಖೆ ವತಿಯಿಂದ ತಾಲ್ಲೂಕು ಮಟ್ಟದಲ್ಲಿ ಉದ್ಯೋಗದಾತರಿಗೆ, ಗುತ್ತಿಗೆದಾರರಿಗೆ, ಸಂಘಟಿತ ಮತ್ತು ಅಸಂಘಟಿತ ಕಾರ್ಮಿಕ ಸಂಘಟನೆಗಳ ಪದಾಧಿಕಾರಿಗಳಿಗೆ ಹಾಗೂ ಕಾರ್ಮಿಕರಿಗೆ ವಿವಿಧ ಕಾರ್ಮಿಕ ಕಾಯ್ದೆಗಳ ಸಂಬಂಧಿಸಿ ಮಾಹಿತಿ ಕಾರ್ಯಾಗಾರವನ್ನು ಸೆ.26 ರಂದು ಸಂಡೂರಿನ ತಾಲ್ಲೂಕು ಪಂಚಾಯತ್ ಸಭಾಂಗಣದಲ್ಲಿ ಬೆಳಿಗ್ಗೆ 10.30 ರಂದು ಸಿರುಗುಪ್ಪ ತಾಲ್ಲೂಕಿನಲ್ಲಿ ಹಮ್ಮಿಕೊಳ್ಳಲಾಗಿದೆ. ತಾಲ್ಲೂಕಿನ ಕಾರ್ಮಿಕರು, ಉದ್ಯೋಗದಾತರು ಕಾರ್ಯಾಗಾರದಲ್ಲಿ ಭಾಗವಹಿಸಿ ಸದುಪಯೋಗ ಪಡೆದುಕೊಳ್ಳಬೇಕು ಎಂದು ಜಿಲ್ಲಾ ಕಾರ್ಮಿಕ ಅಧಿಕಾರಿ ಸಿದ್ದಪ್ಪ ಜೆ.ಸಿ ಅವರು ಪ್ರಕಟಣೆಯಲ್ಲಿ ತಿಳಿಸಿದ್ದಾರೆ.
ಕಾನೂನು ಅಡಳಿತ ನ್ಯಾಯಾಧಿಕರಣ
ತರಬೇತಿ; ಅರ್ಜಿ ಸಲ್ಲಿಕೆ ಅವಧಿ ವಿಸ್ತರಣೆ
ಹೊಸಪೇಟೆ ಟೈಮ್ಸ್ ನ್ಯೂಸ್
ಬಳ್ಳಾರಿ: ಸಮಾಜ ಕಲ್ಯಾಣ ಇಲಾಖೆ ವತಿಯಿಂದ ಪ್ರಸಕ್ತ ಸಾಲಿನಲ್ಲಿ ಪರಿಶಿಷ್ಟ ಜಾತಿಯ ಕಾನೂನು ಪದವೀಧರರಿಗೆ ಕಾನೂನು ಆಡಳಿತ ನ್ಯಾಯಾಧಿಕರಣ ತರಬೇತಿ ನೀಡಲು ಅರ್ಜಿ ಆಹ್ವಾನಿಸಲಾಗಿದ್ದು, ಅರ್ಜಿ ಸಲ್ಲಿಸುವ ಅವಧಿಯನ್ನು ಸೆ.30ರ ವರೆಗೆ ವಿಸ್ತರಿಸಲಾಗಿದೆ. ಪರಿಶಿಷ್ಟ ಜಾತಿಯ ಕಾನೂನು ಪದವೀಧರರಿಂದ ಪ್ರಸಕ್ತ ಸಾಲಿನ ಬಳಕೆಗೆ ನ್ಯಾಯಾಧಿಕರಣದಲ್ಲಿ ತರಬೇತಿ ನೀಡಲು ಅರ್ಜಿಗಳನ್ನು ಆಹ್ವಾನಿಸಲಾಗಿದೆ. ಅರ್ಜಿ ಸಲ್ಲಿಸಲು ಇಲಾಖೆಯ ವೆಬ್‌ಸೈಟ್ www.sw.kar.nic.in ಗೆ ಭೇಟಿ ನೀಡಿ ಅರ್ಜಿ ಸಲ್ಲಿಸಬಹುದು. ಹೆಚ್ಚಿನ ಮಾಹಿತಿಗಾಗಿ ಸಮಾಜ ಕಲ್ಯಾಣ ಇಲಾಖೆಯ ಕಚೇರಿ ಅಥವಾ ದೂ.08392267932 ಗೆ ಸಂಪರ್ಕಿಸಬಹುದು ಎಂದು ಪ್ರಕಟಣೆಯಲ್ಲಿ ತಿಳಿಸಿದ್ದಾರೆ.
ಕರ್ನಾಟಕ ಸಾಹಿತ್ಯ ಅಕಾಡೆಮಿ; ಅರ್ಜಿ ಆಹ್ವಾನ
ಹೊಸಪೇಟೆ ಟೈಮ್ಸ್ ನ್ಯೂಸ್
ಬಳ್ಳಾರಿ: ಕರ್ನಾಟಕ ಸಾಹಿತ್ಯ ಅಕಾಡೆಮಿ ವತಿಯಿಂದ ಹಾವೇರಿ ಜಿಲ್ಲೆಯ ಗೊಟಗೋಡಿಯಲ್ಲಿರುವ ಕರ್ನಾಟಕ ಜಾನಪದ ವಿಶ್ವವಿದ್ಯಾಲಯದ ಸಹಯೋಗದಲ್ಲಿ ಕಿರಿಯ ಬರಹಗಾರರಿಗೆ ಕಥಾ ಕಮ್ಮಟ ಏರ್ಪಡಿಸಲಾಗಿದ್ದು, ಅಕ್ಟೋಬರ್ ತಿಂಗಳಲ್ಲಿ 3 ದಿನಗಳ ಕಾಲ ಕಾರ್ಯಕ್ರಮ ನಡೆಯಲಿದೆ. ಆಸಕ್ತರು ಅರ್ಜಿ ಸಲ್ಲಿಸಬಹುದು. 'ಕನ್ನಡ ಸಾಹಿತ್ಯ ಮತ್ತು ಸಾಂಸ್ಕೃತಿಕ ಬೆಳವಣಿಗೆ' ವಿಷಯ ಕುರಿತಂತೆ ಕರ್ನಾಟಕ ಸಾಹಿತ್ಯ ಅಕಾಡೆಮಿಯ ಜಾನಪದ ವಿಶ್ವವಿದ್ಯಾಲಯದ ಸಹಯೋಗದಲ್ಲಿ ಈ ಕಮ್ಮಟ ನಡೆಯಲಿದೆ. ಅರ್ಜಿದಾರರು 20 ರಿಂದ 45 ವರ್ಷದೊಳಗಿನ ವಯೋಮಿತಿ ಹೊಂದಿರಬೇಕು. ಪ್ರವಾಸ ಭತ್ಯೆ ಹಾಗೂ ವಸತಿ ವ್ಯವಸ್ಥೆ ಕಲ್ಪಿಸಲಾಗುವುದು. ಅರ್ಜಿ ಸಲ್ಲಿಸಲು ಅ.08 ಕೊನೆಯ ದಿನವಾಗಿದೆ. ಆಸಕ್ತ ಅಭ್ಯರ್ಥಿಗಳು ಕರ್ನಾಟಕ ಸಾಹಿತ್ಯ ಅಕಾಡೆಮಿಯ ವೆಬ್‌ಸೈಟ್ http://karnatakasahithyaacademy.org ಲಿಂಕ್ ಗೆ ಭೇಟಿ ನೀಡಿ ಅರ್ಜಿ ನಮೂನೆ ಪಡೆದು ಭರ್ತಿ ಮಾಡಿ ಕಳುಹಿಸಬಹುದು ಎಂದು ಕರ್ನಾಟಕ ಸಾಹಿತ್ಯ ಅಕಾಡೆಮಿಯ ರಿಜಿಸ್ಟ್ರಾರ್ ಪ್ರಕಟಣೆಯಲ್ಲಿ ತಿಳಿಸಿದ್ದಾರೆ.
